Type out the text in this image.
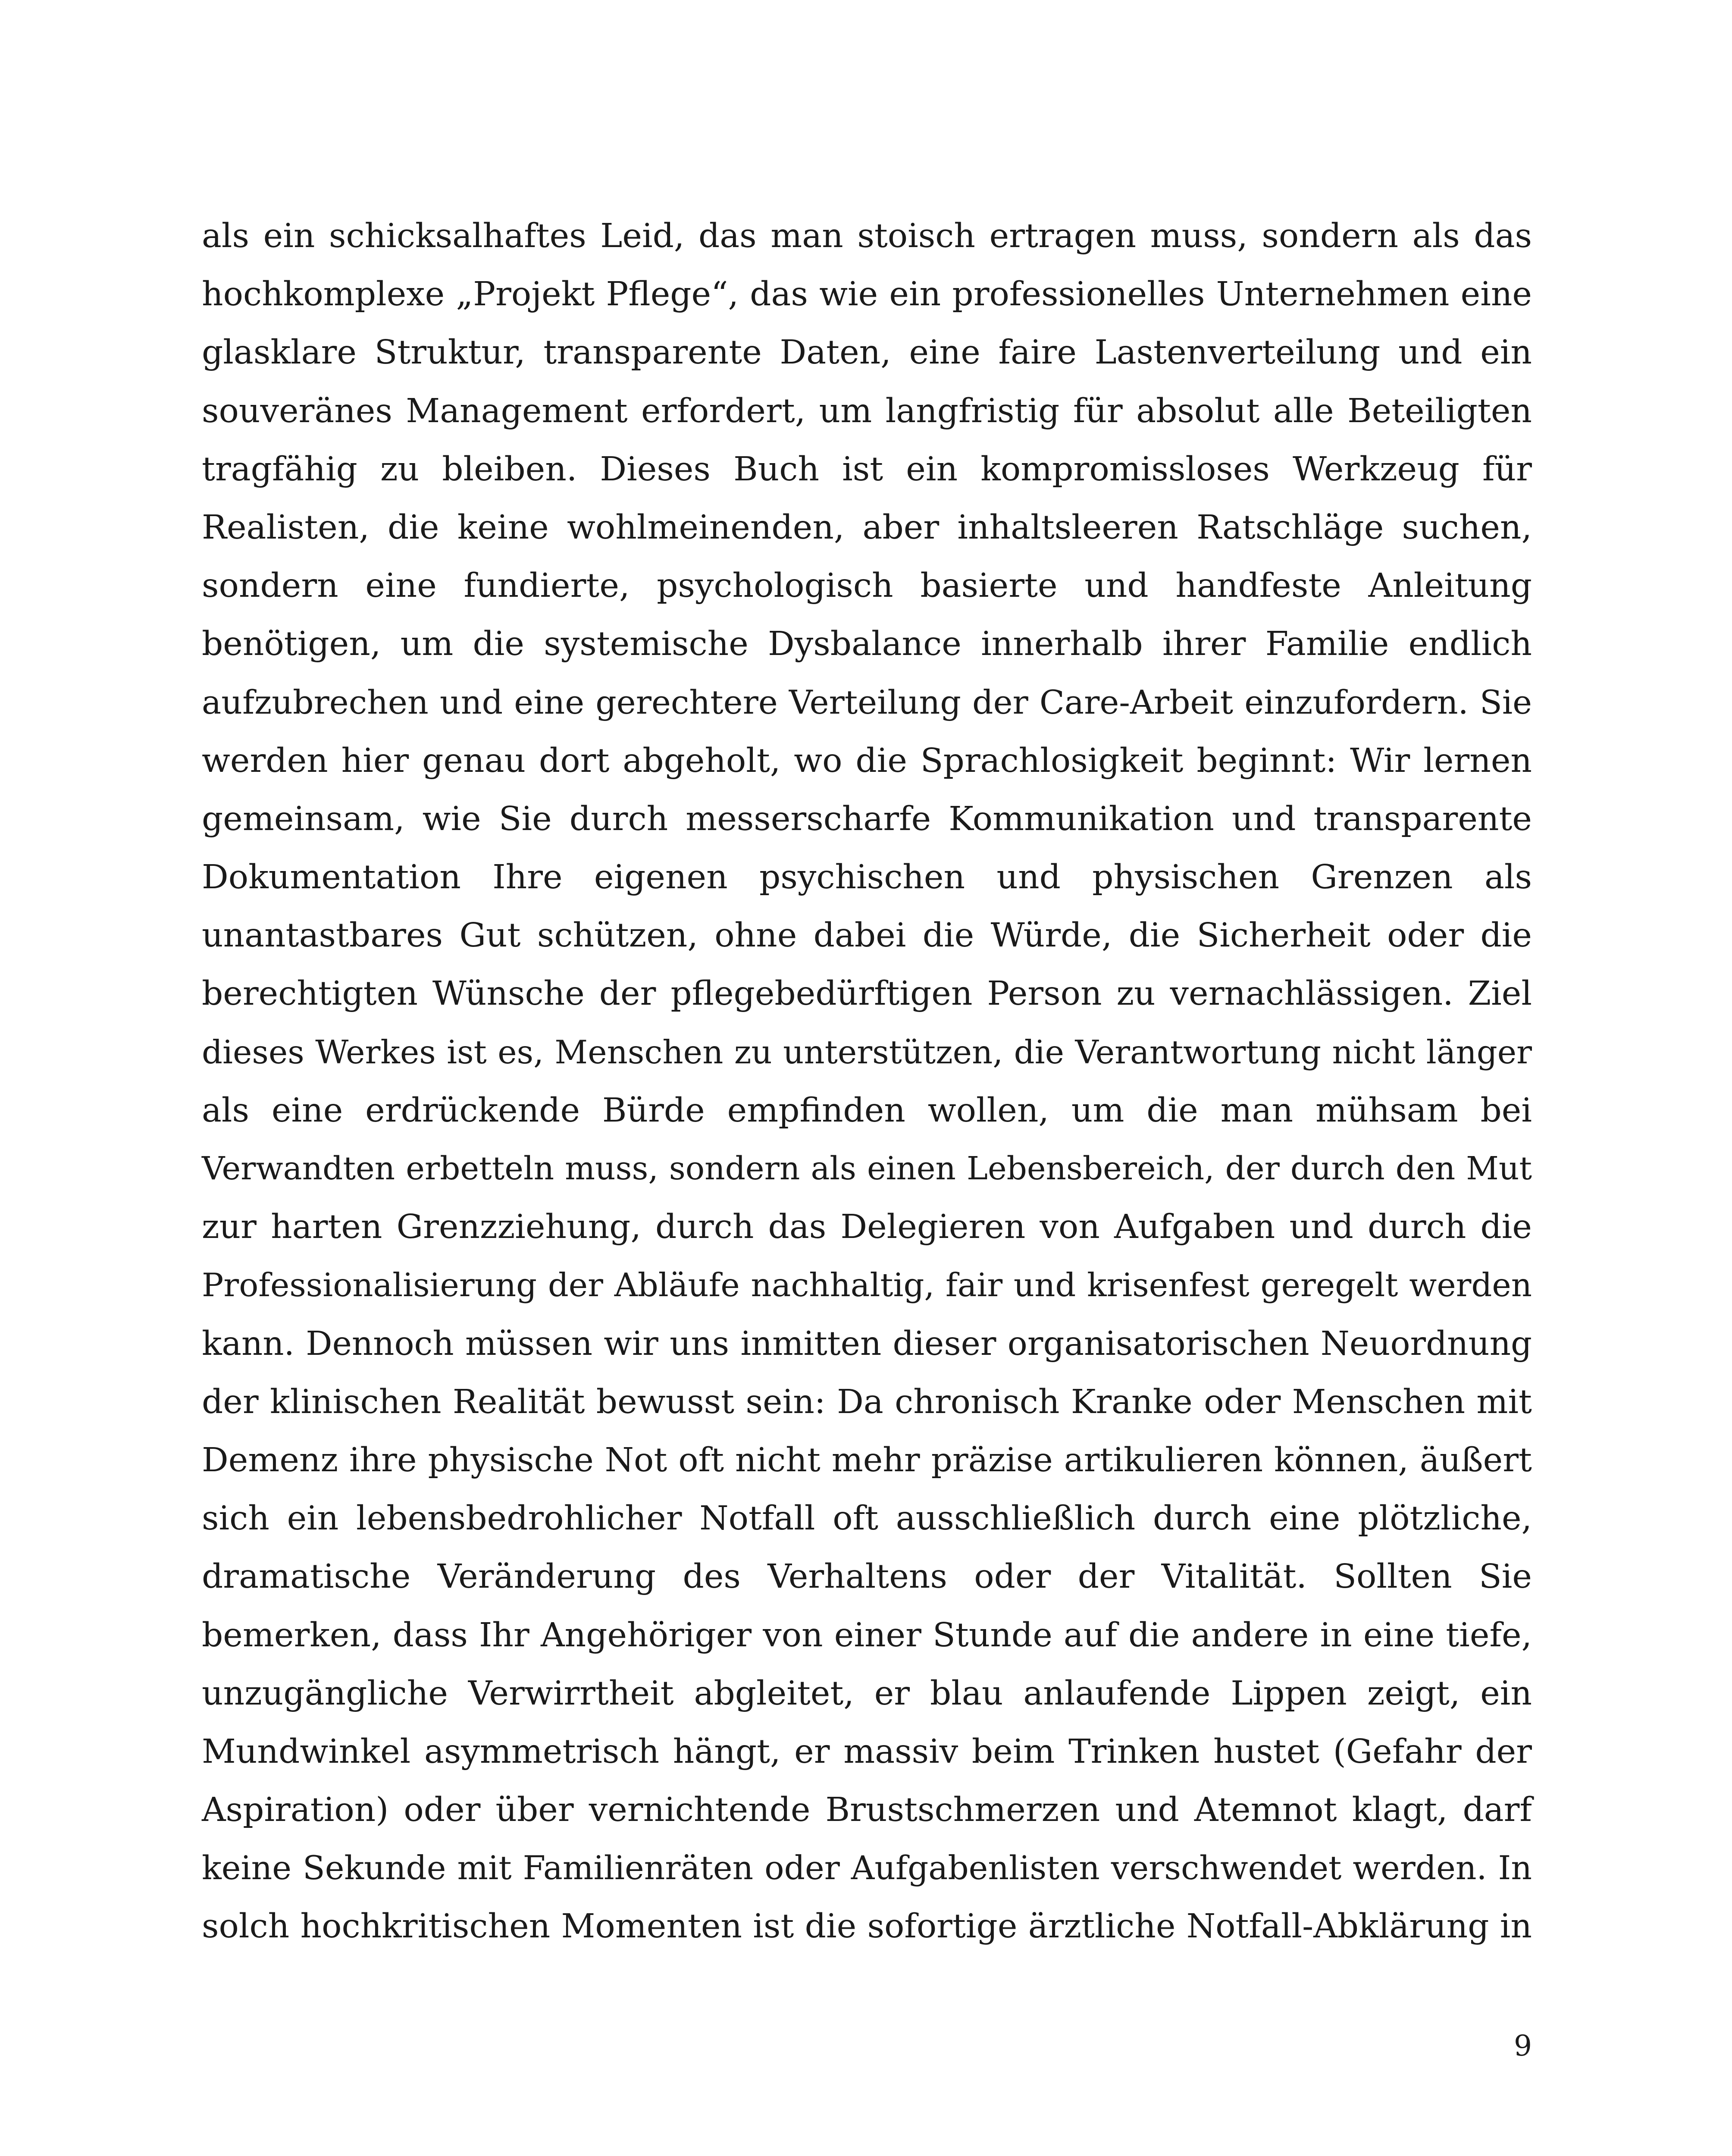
als ein schicksalhaftes Leid, das man stoisch ertragen muss, sondern als das
hochkomplexe „Projekt Pflege“, das wie ein professionelles Unternehmen eine
glasklare Struktur, transparente Daten, eine faire Lastenverteilung und ein
souveränes Management erfordert, um langfristig für absolut alle Beteiligten
tragfähig zu bleiben. Dieses Buch ist ein kompromissloses Werkzeug für
Realisten, die keine wohlmeinenden, aber inhaltsleeren Ratschläge suchen,
sondern eine fundierte, psychologisch basierte und handfeste Anleitung
benötigen, um die systemische Dysbalance innerhalb ihrer Familie endlich
aufzubrechen und eine gerechtere Verteilung der Care-Arbeit einzufordern. Sie
werden hier genau dort abgeholt, wo die Sprachlosigkeit beginnt: Wir lernen
gemeinsam, wie Sie durch messerscharfe Kommunikation und transparente
Dokumentation Ihre eigenen psychischen und physischen Grenzen als
unantastbares Gut schützen, ohne dabei die Würde, die Sicherheit oder die
berechtigten Wünsche der pflegebedürftigen Person zu vernachlässigen. Ziel
dieses Werkes ist es, Menschen zu unterstützen, die Verantwortung nicht länger
als eine erdrückende Bürde empfinden wollen, um die man mühsam bei
Verwandten erbetteln muss, sondern als einen Lebensbereich, der durch den Mut
zur harten Grenzziehung, durch das Delegieren von Aufgaben und durch die
Professionalisierung der Abläufe nachhaltig, fair und krisenfest geregelt werden
kann. Dennoch müssen wir uns inmitten dieser organisatorischen Neuordnung
der klinischen Realität bewusst sein: Da chronisch Kranke oder Menschen mit
Demenz ihre physische Not oft nicht mehr präzise artikulieren können, äußert
sich ein lebensbedrohlicher Notfall oft ausschließlich durch eine plötzliche,
dramatische Veränderung des Verhaltens oder der Vitalität. Sollten Sie
bemerken, dass Ihr Angehöriger von einer Stunde auf die andere in eine tiefe,
unzugängliche Verwirrtheit abgleitet, er blau anlaufende Lippen zeigt, ein
Mundwinkel asymmetrisch hängt, er massiv beim Trinken hustet (Gefahr der
Aspiration) oder über vernichtende Brustschmerzen und Atemnot klagt, darf
keine Sekunde mit Familienräten oder Aufgabenlisten verschwendet werden. In
solch hochkritischen Momenten ist die sofortige ärztliche Notfall-Abklärung in
9
